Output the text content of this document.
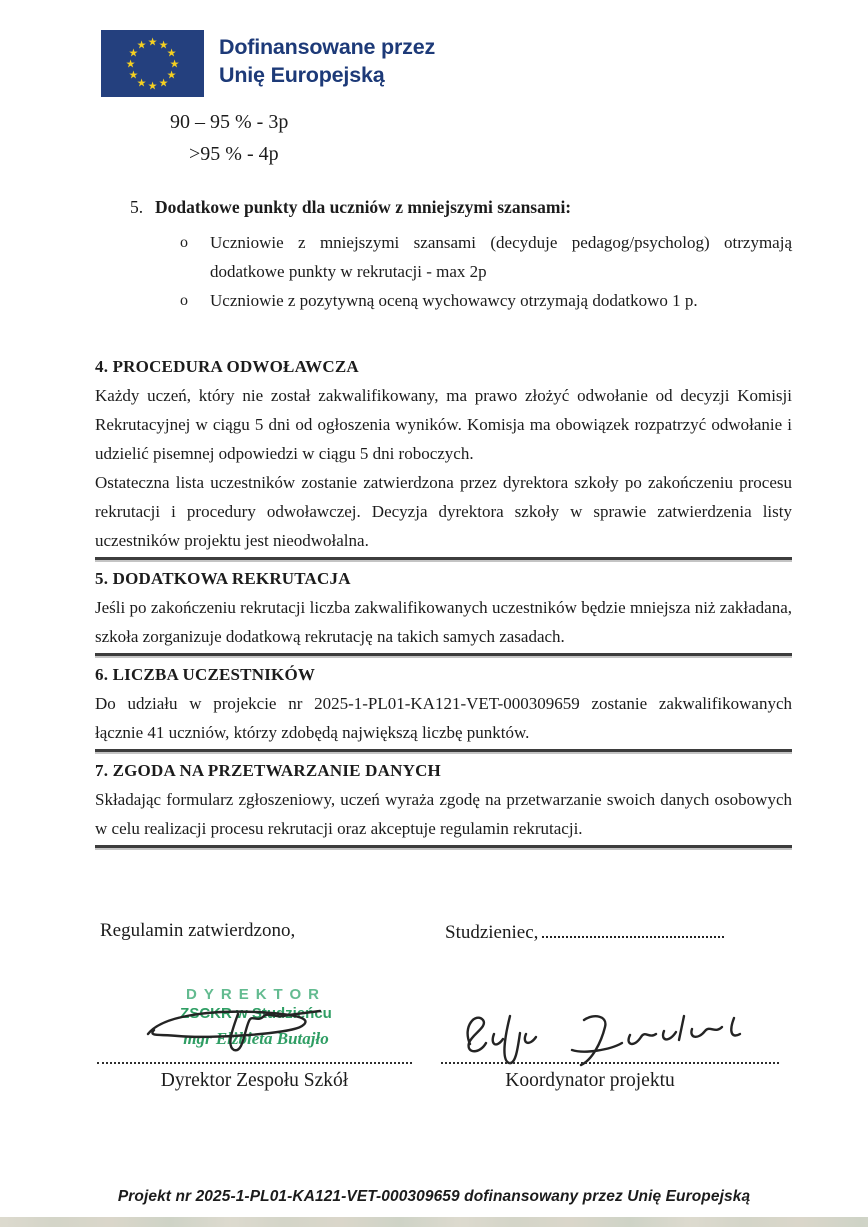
★ ★
★
★
★
★
★
★
★
★
★
★	Dofinansowane przez
Unię Europejską
90 – 95 % - 3p
>95 % - 4p
5. Dodatkowe punkty dla uczniów z mniejszymi szansami:
o	Uczniowie z mniejszymi szansami (decyduje pedagog/psycholog) otrzymają dodatkowe punkty w rekrutacji - max 2p
o	Uczniowie z pozytywną oceną wychowawcy otrzymają dodatkowo 1 p.
4. PROCEDURA ODWOŁAWCZA

Każdy uczeń, który nie został zakwalifikowany, ma prawo złożyć odwołanie od decyzji Komisji Rekrutacyjnej w ciągu 5 dni od ogłoszenia wyników. Komisja ma obowiązek rozpatrzyć odwołanie i udzielić pisemnej odpowiedzi w ciągu 5 dni roboczych.

Ostateczna lista uczestników zostanie zatwierdzona przez dyrektora szkoły po zakończeniu procesu rekrutacji i procedury odwoławczej. Decyzja dyrektora szkoły w sprawie zatwierdzenia listy uczestników projektu jest nieodwołalna.

5. DODATKOWA REKRUTACJA

Jeśli po zakończeniu rekrutacji liczba zakwalifikowanych uczestników będzie mniejsza niż zakładana, szkoła zorganizuje dodatkową rekrutację na takich samych zasadach.

6. LICZBA UCZESTNIKÓW

Do udziału w projekcie nr 2025-1-PL01-KA121-VET-000309659 zostanie zakwalifikowanych łącznie 41 uczniów, którzy zdobędą największą liczbę punktów.

7. ZGODA NA PRZETWARZANIE DANYCH

Składając formularz zgłoszeniowy, uczeń wyraża zgodę na przetwarzanie swoich danych osobowych w celu realizacji procesu rekrutacji oraz akceptuje regulamin rekrutacji.

Regulamin zatwierdzono,	Studzieniec,
DYREKTOR
ZSCKR w Studzieńcu
mgr Elżbieta Butajło
Dyrektor Zespołu Szkół	Koordynator projektu
Projekt nr 2025-1-PL01-KA121-VET-000309659 dofinansowany przez Unię Europejską
